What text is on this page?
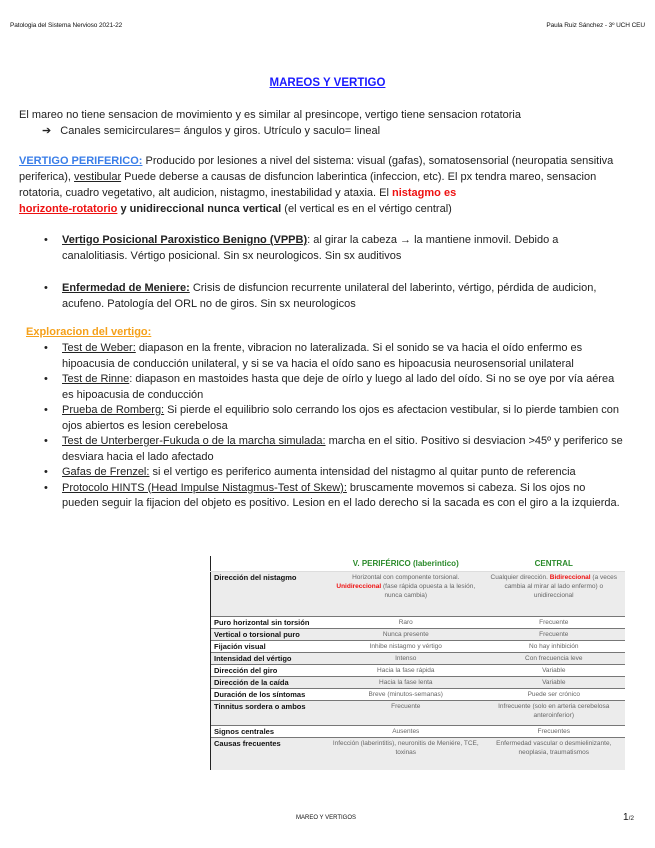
Patologia del Sistema Nervioso 2021-22	Paula Ruiz Sánchez - 3º UCH CEU
MAREOS Y VERTIGO
El mareo no tiene sensacion de movimiento y es similar al presincope, vertigo tiene sensacion rotatoria
➔ Canales semicirculares= ángulos y giros. Utrículo y saculo= lineal
VERTIGO PERIFERICO: Producido por lesiones a nivel del sistema: visual (gafas), somatosensorial (neuropatia sensitiva periferica), vestibular Puede deberse a causas de disfuncion laberintica (infeccion, etc). El px tendra mareo, sensacion rotatoria, cuadro vegetativo, alt audicion, nistagmo, inestabilidad y ataxia. El nistagmo es
horizonte-rotatorio y unidireccional nunca vertical (el vertical es en el vértigo central)
• Vertigo Posicional Paroxistico Benigno (VPPB): al girar la cabeza → la mantiene inmovil. Debido a canalolitiasis. Vértigo posicional. Sin sx neurologicos. Sin sx auditivos
• Enfermedad de Meniere: Crisis de disfuncion recurrente unilateral del laberinto, vértigo, pérdida de audicion, acufeno. Patología del ORL no de giros. Sin sx neurologicos
Exploracion del vertigo:
• Test de Weber: diapason en la frente, vibracion no lateralizada. Si el sonido se va hacia el oído enfermo es hipoacusia de conducción unilateral, y si se va hacia el oído sano es hipoacusia neurosensorial unilateral
• Test de Rinne: diapason en mastoides hasta que deje de oírlo y luego al lado del oído. Si no se oye por vía aérea es hipoacusia de conducción
• Prueba de Romberg: Si pierde el equilibrio solo cerrando los ojos es afectacion vestibular, si lo pierde tambien con ojos abiertos es lesion cerebelosa
• Test de Unterberger-Fukuda o de la marcha simulada: marcha en el sitio. Positivo si desviacion >45º y periferico se desviara hacia el lado afectado
• Gafas de Frenzel: si el vertigo es periferico aumenta intensidad del nistagmo al quitar punto de referencia
• Protocolo HINTS (Head Impulse Nistagmus-Test of Skew): bruscamente movemos si cabeza. Si los ojos no pueden seguir la fijacion del objeto es positivo. Lesion en el lado derecho si la sacada es con el giro a la izquierda.
	V. PERIFÉRICO (laberintico)	CENTRAL
Dirección del nistagmo	Horizontal con componente torsional. Unidireccional (fase rápida opuesta a la lesión, nunca cambia)	Cualquier dirección. Bidireccional (a veces cambia al mirar al lado enfermo) o unidireccional
Puro horizontal sin torsión	Raro	Frecuente
Vertical o torsional puro	Nunca presente	Frecuente
Fijación visual	Inhibe nistagmo y vértigo	No hay inhibición
Intensidad del vértigo	Intenso	Con frecuencia leve
Dirección del giro	Hacia la fase rápida	Variable
Dirección de la caída	Hacia la fase lenta	Variable
Duración de los síntomas	Breve (minutos-semanas)	Puede ser crónico
Tinnitus sordera o ambos	Frecuente	Infrecuente (solo en arteria cerebelosa anteroinferior)
Signos centrales	Ausentes	Frecuentes
Causas frecuentes	Infección (laberintitis), neuronitis de Meniére, TCE, toxinas	Enfermedad vascular o desmielinizante, neoplasia, traumatismos
MAREO Y VERTIGOS	1/2
